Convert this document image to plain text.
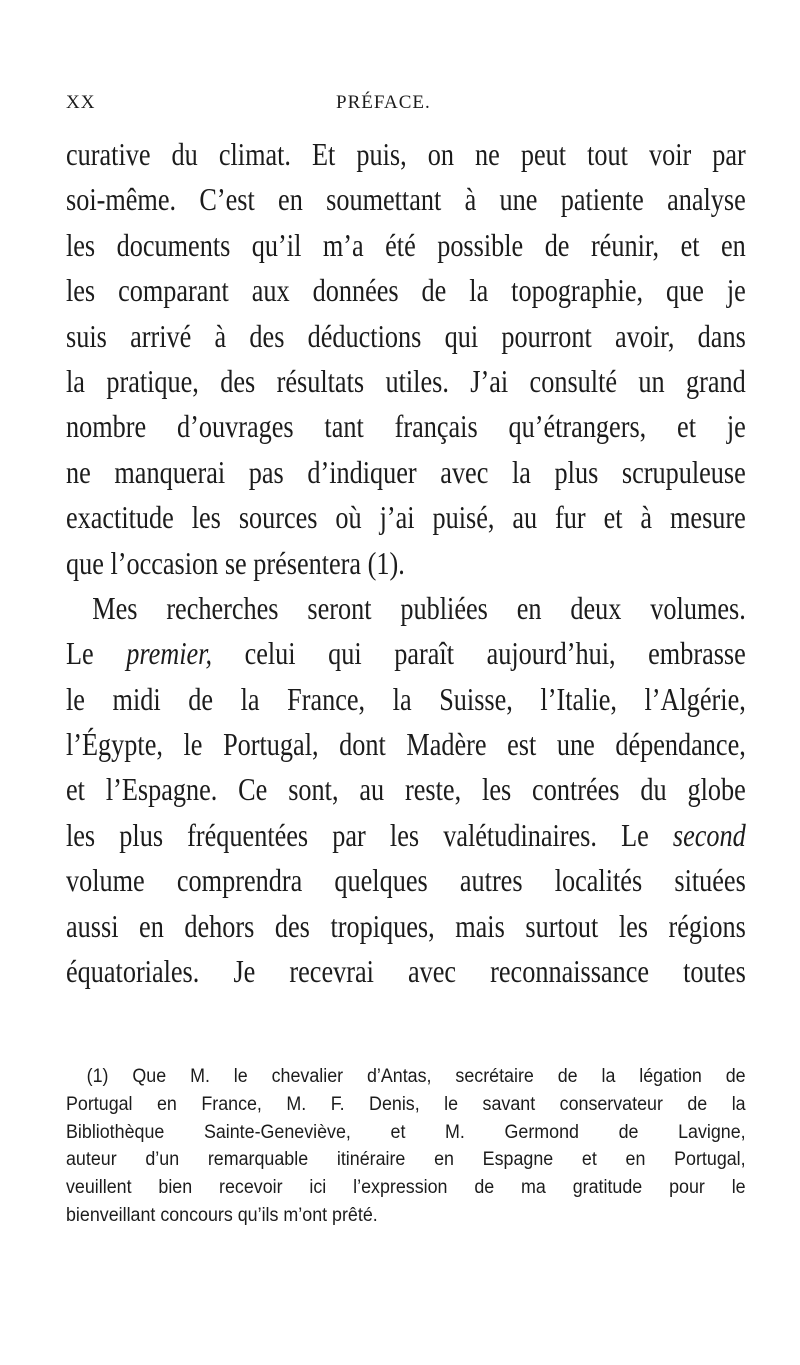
XX	PRÉFACE.
curative du climat. Et puis, on ne peut tout voir par
soi-même. C’est en soumettant à une patiente analyse
les documents qu’il m’a été possible de réunir, et en
les comparant aux données de la topographie, que je
suis arrivé à des déductions qui pourront avoir, dans
la pratique, des résultats utiles. J’ai consulté un grand
nombre d’ouvrages tant français qu’étrangers, et je
ne manquerai pas d’indiquer avec la plus scrupuleuse
exactitude les sources où j’ai puisé, au fur et à mesure
que l’occasion se présentera (1).
Mes recherches seront publiées en deux volumes.
Le premier, celui qui paraît aujourd’hui, embrasse
le midi de la France, la Suisse, l’Italie, l’Algérie,
l’Égypte, le Portugal, dont Madère est une dépendance,
et l’Espagne. Ce sont, au reste, les contrées du globe
les plus fréquentées par les valétudinaires. Le second
volume comprendra quelques autres localités situées
aussi en dehors des tropiques, mais surtout les régions
équatoriales. Je recevrai avec reconnaissance toutes
(1) Que M. le chevalier d’Antas, secrétaire de la légation de
Portugal en France, M. F. Denis, le savant conservateur de la
Bibliothèque Sainte-Geneviève, et M. Germond de Lavigne,
auteur d’un remarquable itinéraire en Espagne et en Portugal,
veuillent bien recevoir ici l’expression de ma gratitude pour le
bienveillant concours qu’ils m’ont prêté.
